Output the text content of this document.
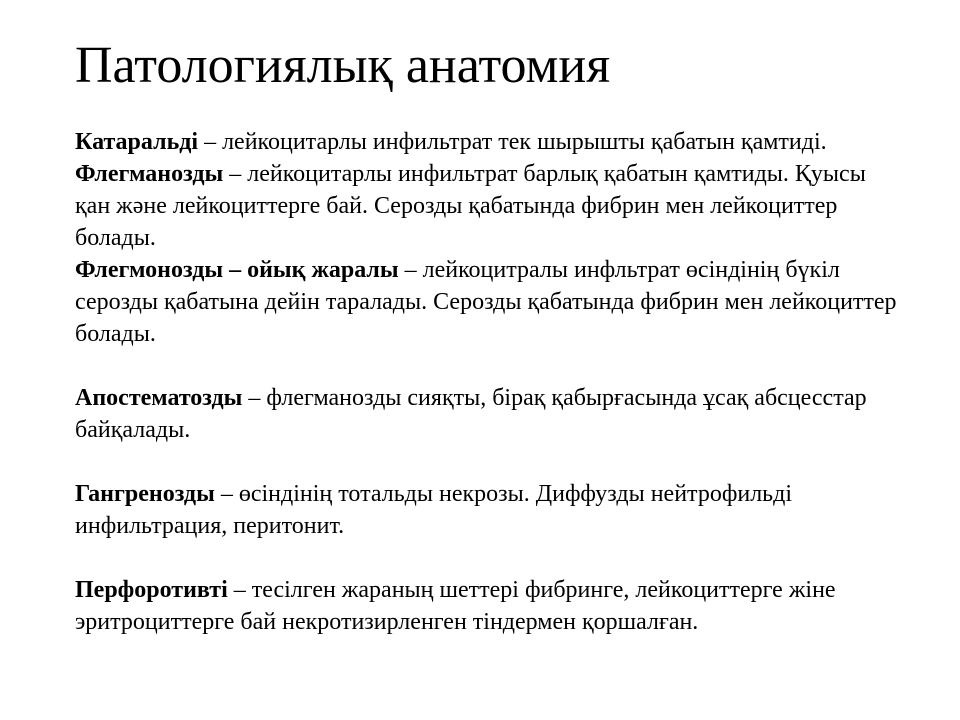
Патологиялық анатомия

Катаральді – лейкоцитарлы инфильтрат тек шырышты қабатын қамтиді.

Флегманозды – лейкоцитарлы инфильтрат барлық қабатын қамтиды. Қуысы қан және лейкоциттерге бай. Серозды қабатында фибрин мен лейкоциттер болады.

Флегмонозды – ойық жаралы – лейкоцитралы инфльтрат өсіндінің бүкіл серозды қабатына дейін таралады. Серозды қабатында фибрин мен лейкоциттер болады.

Апостематозды – флегманозды сияқты, бірақ қабырғасында ұсақ абсцесстар байқалады.

Гангренозды – өсіндінің тотальды некрозы. Диффузды нейтрофильді инфильтрация, перитонит.

Перфоротивті – тесілген жараның шеттері фибринге, лейкоциттерге жіне эритроциттерге бай некротизирленген тіндермен қоршалған.
